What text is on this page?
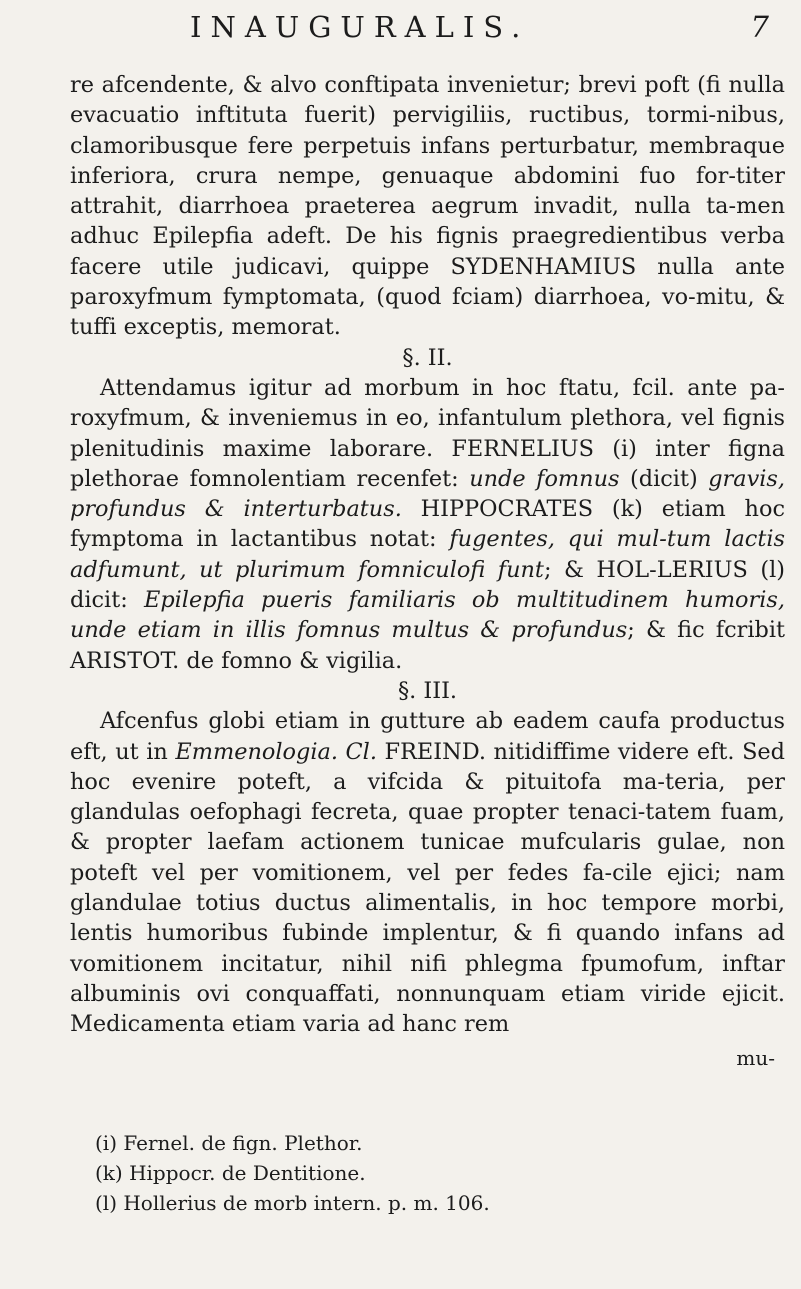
INAUGURALIS.	7

re afcendente, & alvo conftipata invenietur; brevi poft (fi nulla evacuatio inftituta fuerit) pervigiliis, ructibus, tormi-nibus, clamoribusque fere perpetuis infans perturbatur, membraque inferiora, crura nempe, genuaque abdomini fuo for-titer attrahit, diarrhoea praeterea aegrum invadit, nulla ta-men adhuc Epilepfia adeft. De his fignis praegredientibus verba facere utile judicavi, quippe SYDENHAMIUS nulla ante paroxyfmum fymptomata, (quod fciam) diarrhoea, vo-mitu, & tuffi exceptis, memorat.

§. II.

Attendamus igitur ad morbum in hoc ftatu, fcil. ante pa-roxyfmum, & inveniemus in eo, infantulum plethora, vel fignis plenitudinis maxime laborare. FERNELIUS (i) inter figna plethorae fomnolentiam recenfet: unde fomnus (dicit) gravis, profundus & interturbatus. HIPPOCRATES (k) etiam hoc fymptoma in lactantibus notat: fugentes, qui mul-tum lactis adfumunt, ut plurimum fomniculofi funt; & HOL-LERIUS (l) dicit: Epilepfia pueris familiaris ob multitudinem humoris, unde etiam in illis fomnus multus & profundus; & fic fcribit ARISTOT. de fomno & vigilia.

§. III.

Afcenfus globi etiam in gutture ab eadem caufa productus eft, ut in Emmenologia. Cl. FREIND. nitidiffime videre eft. Sed hoc evenire poteft, a vifcida & pituitofa ma-teria, per glandulas oefophagi fecreta, quae propter tenaci-tatem fuam, & propter laefam actionem tunicae mufcularis gulae, non poteft vel per vomitionem, vel per fedes fa-cile ejici; nam glandulae totius ductus alimentalis, in hoc tempore morbi, lentis humoribus fubinde implentur, & fi quando infans ad vomitionem incitatur, nihil nifi phlegma fpumofum, inftar albuminis ovi conquaffati, nonnunquam etiam viride ejicit. Medicamenta etiam varia ad hanc rem

mu-

(i) Fernel. de fign. Plethor.

(k) Hippocr. de Dentitione.

(l) Hollerius de morb intern. p. m. 106.
